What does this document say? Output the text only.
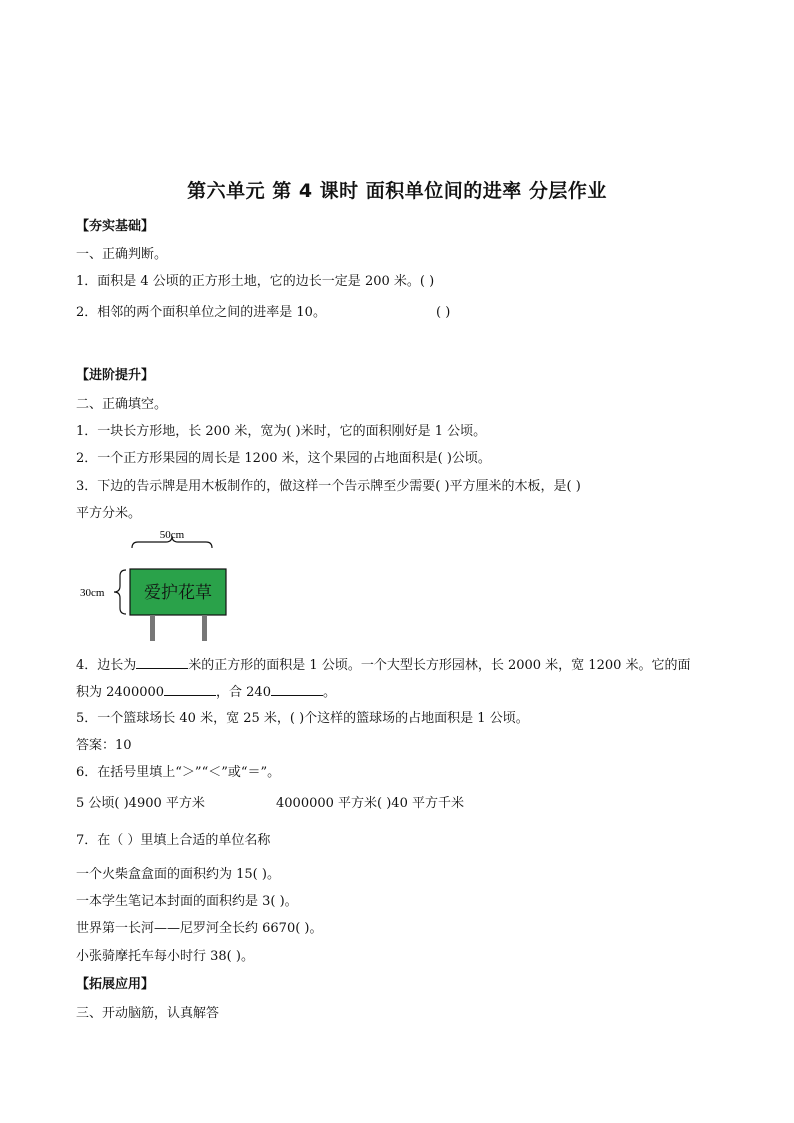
第六单元 第 4 课时 面积单位间的进率 分层作业
【夯实基础】
一、正确判断。
1．面积是 4 公顷的正方形土地，它的边长一定是 200 米。( )
2．相邻的两个面积单位之间的进率是 10。	( )
【进阶提升】
二、正确填空。
1．一块长方形地，长 200 米，宽为( )米时，它的面积刚好是 1 公顷。
2．一个正方形果园的周长是 1200 米，这个果园的占地面积是( )公顷。
3．下边的告示牌是用木板制作的，做这样一个告示牌至少需要( )平方厘米的木板，是( )
平方分米。
50cm
30cm 爱护花草
4．边长为	米的正方形的面积是 1 公顷。一个大型长方形园林，长 2000 米，宽 1200 米。它的面
积为 2400000	，合 240	。
5．一个篮球场长 40 米，宽 25 米，( )个这样的篮球场的占地面积是 1 公顷。
答案：10
6．在括号里填上“＞”“＜”或“＝”。
5 公顷( )4900 平方米	4000000 平方米( )40 平方千米
7．在（ ）里填上合适的单位名称
一个火柴盒盒面的面积约为 15( )。
一本学生笔记本封面的面积约是 3( )。
世界第一长河——尼罗河全长约 6670( )。
小张骑摩托车每小时行 38( )。
【拓展应用】
三、开动脑筋，认真解答
